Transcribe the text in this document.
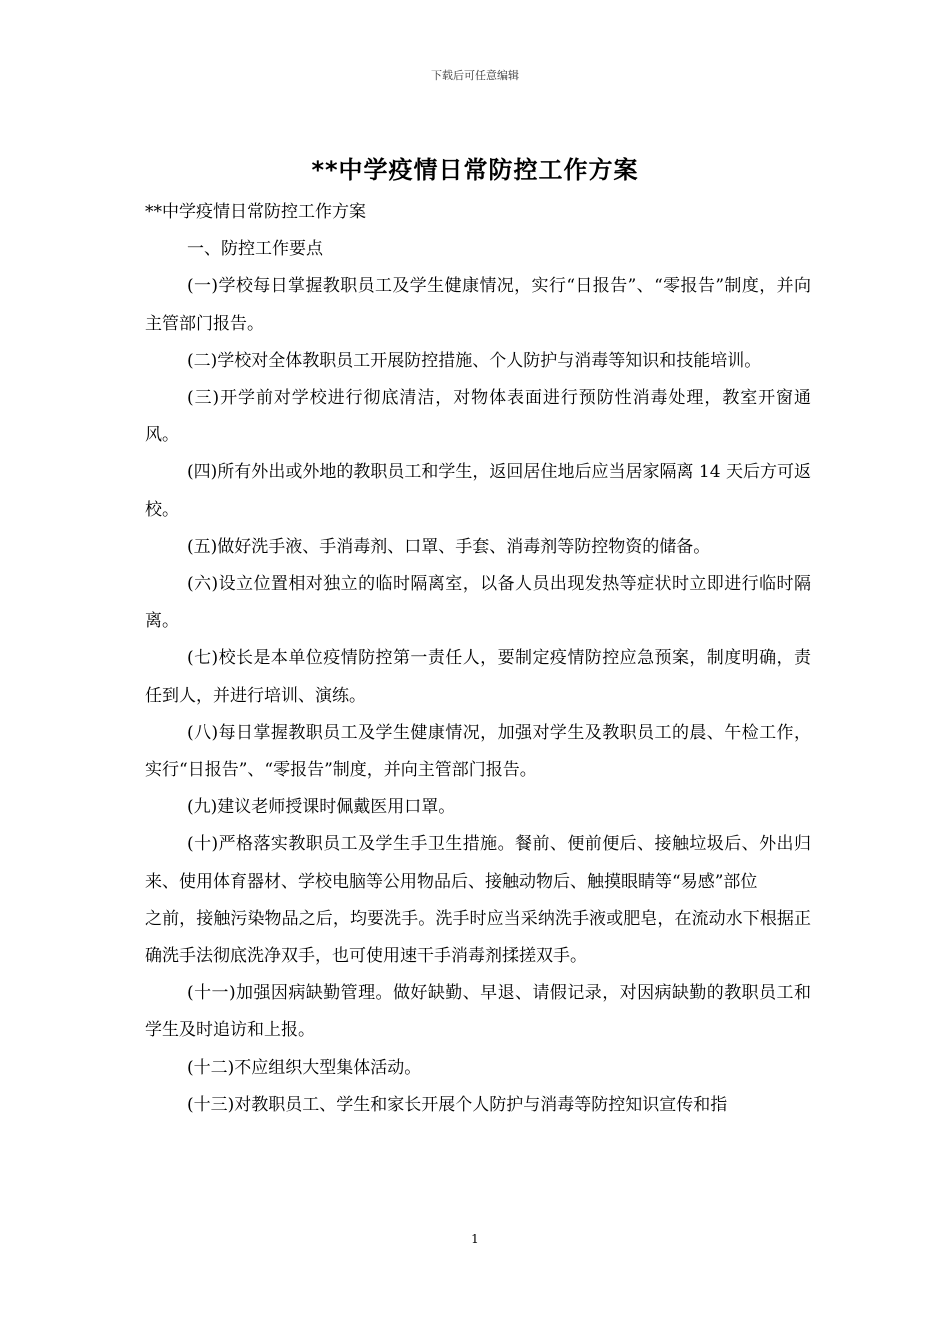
下载后可任意编辑
**中学疫情日常防控工作方案

**中学疫情日常防控工作方案

一、防控工作要点

(一)学校每日掌握教职员工及学生健康情况，实行“日报告”、“零报告”制度，并向主管部门报告。

(二)学校对全体教职员工开展防控措施、个人防护与消毒等知识和技能培训。

(三)开学前对学校进行彻底清洁，对物体表面进行预防性消毒处理，教室开窗通风。

(四)所有外出或外地的教职员工和学生，返回居住地后应当居家隔离 14 天后方可返校。

(五)做好洗手液、手消毒剂、口罩、手套、消毒剂等防控物资的储备。

(六)设立位置相对独立的临时隔离室，以备人员出现发热等症状时立即进行临时隔离。

(七)校长是本单位疫情防控第一责任人，要制定疫情防控应急预案，制度明确，责任到人，并进行培训、演练。

(八)每日掌握教职员工及学生健康情况，加强对学生及教职员工的晨、午检工作，实行“日报告”、“零报告”制度，并向主管部门报告。

(九)建议老师授课时佩戴医用口罩。

(十)严格落实教职员工及学生手卫生措施。餐前、便前便后、接触垃圾后、外出归来、使用体育器材、学校电脑等公用物品后、接触动物后、触摸眼睛等“易感”部位

之前，接触污染物品之后，均要洗手。洗手时应当采纳洗手液或肥皂，在流动水下根据正确洗手法彻底洗净双手，也可使用速干手消毒剂揉搓双手。

(十一)加强因病缺勤管理。做好缺勤、早退、请假记录，对因病缺勤的教职员工和学生及时追访和上报。

(十二)不应组织大型集体活动。

(十三)对教职员工、学生和家长开展个人防护与消毒等防控知识宣传和指

1
